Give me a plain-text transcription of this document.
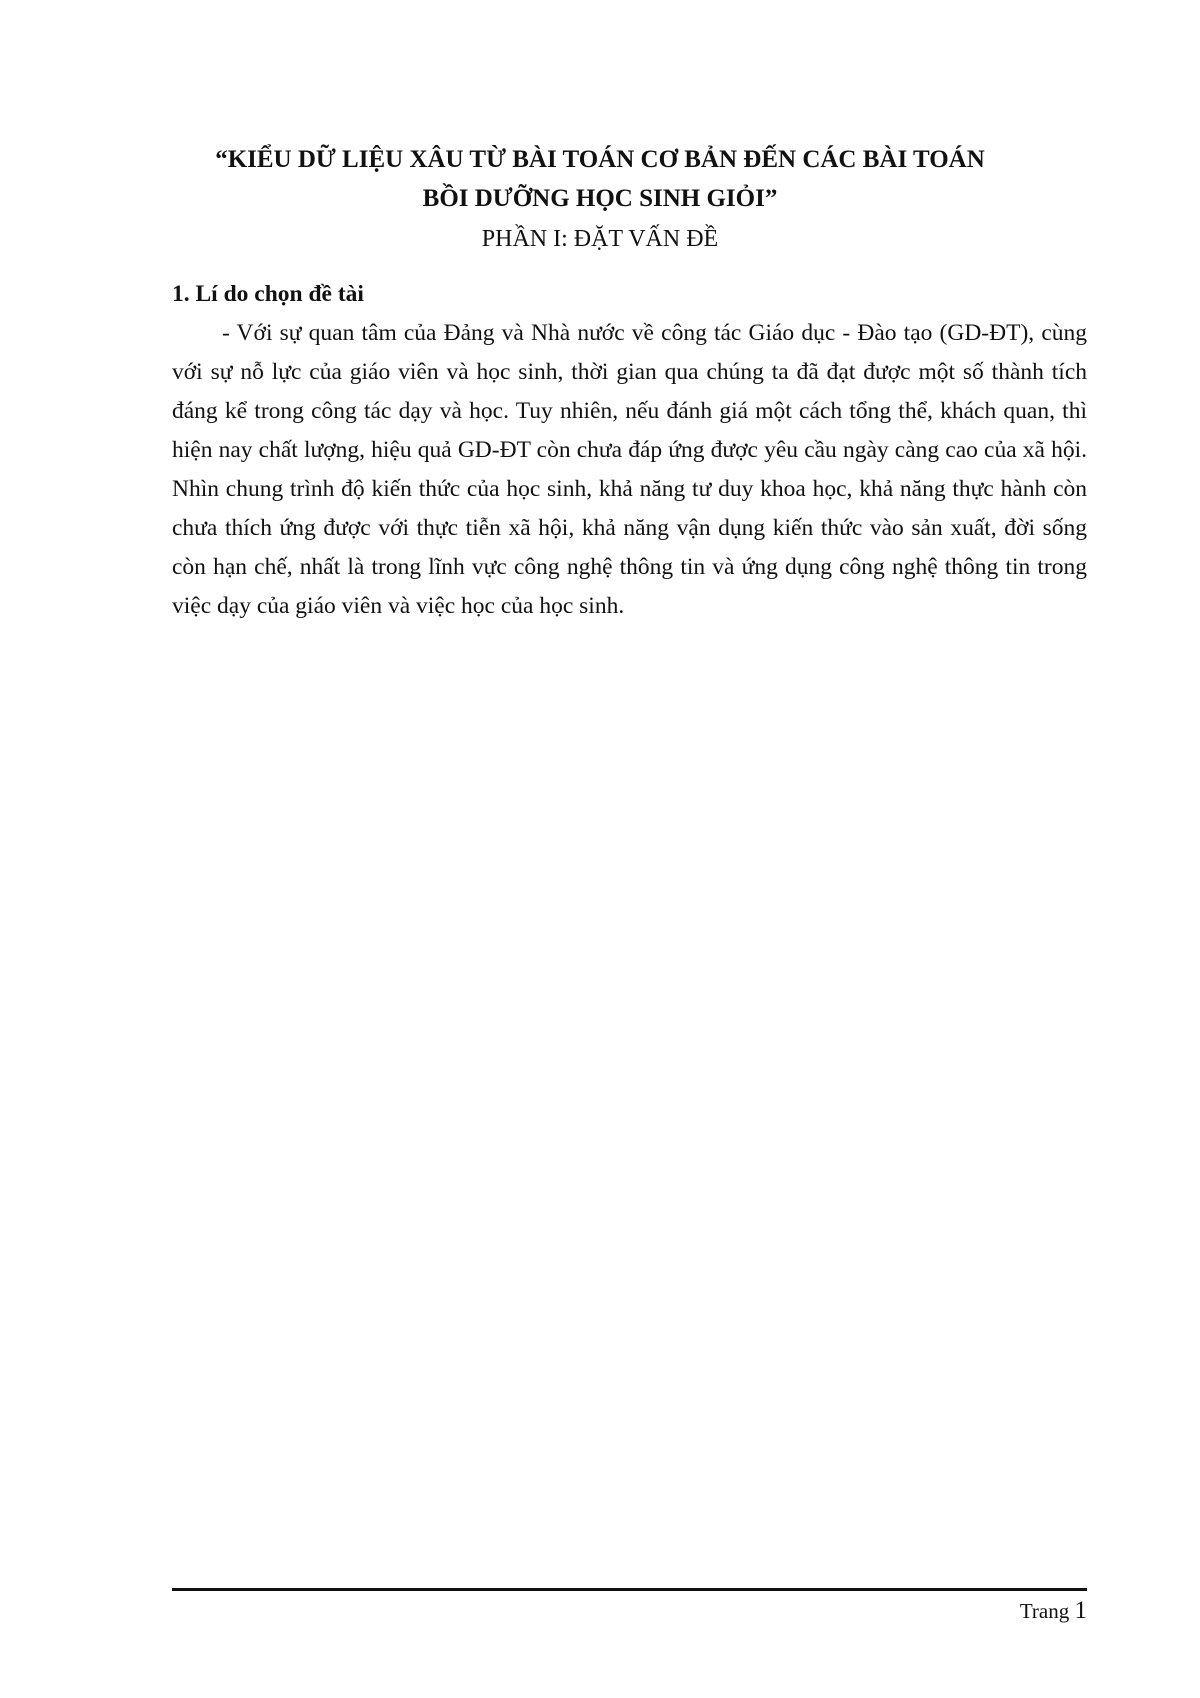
“KIỂU DỮ LIỆU XÂU TỪ BÀI TOÁN CƠ BẢN ĐẾN CÁC BÀI TOÁN
BỒI DƯỠNG HỌC SINH GIỎI”
PHẦN I: ĐẶT VẤN ĐỀ
1. Lí do chọn đề tài

- Với sự quan tâm của Đảng và Nhà nước về công tác Giáo dục - Đào tạo (GD-ĐT), cùng với sự nỗ lực của giáo viên và học sinh, thời gian qua chúng ta đã đạt được một số thành tích đáng kể trong công tác dạy và học. Tuy nhiên, nếu đánh giá một cách tổng thể, khách quan, thì hiện nay chất lượng, hiệu quả GD-ĐT còn chưa đáp ứng được yêu cầu ngày càng cao của xã hội. Nhìn chung trình độ kiến thức của học sinh, khả năng tư duy khoa học, khả năng thực hành còn chưa thích ứng được với thực tiễn xã hội, khả năng vận dụng kiến thức vào sản xuất, đời sống còn hạn chế, nhất là trong lĩnh vực công nghệ thông tin và ứng dụng công nghệ thông tin trong việc dạy của giáo viên và việc học của học sinh.

Trang 1
